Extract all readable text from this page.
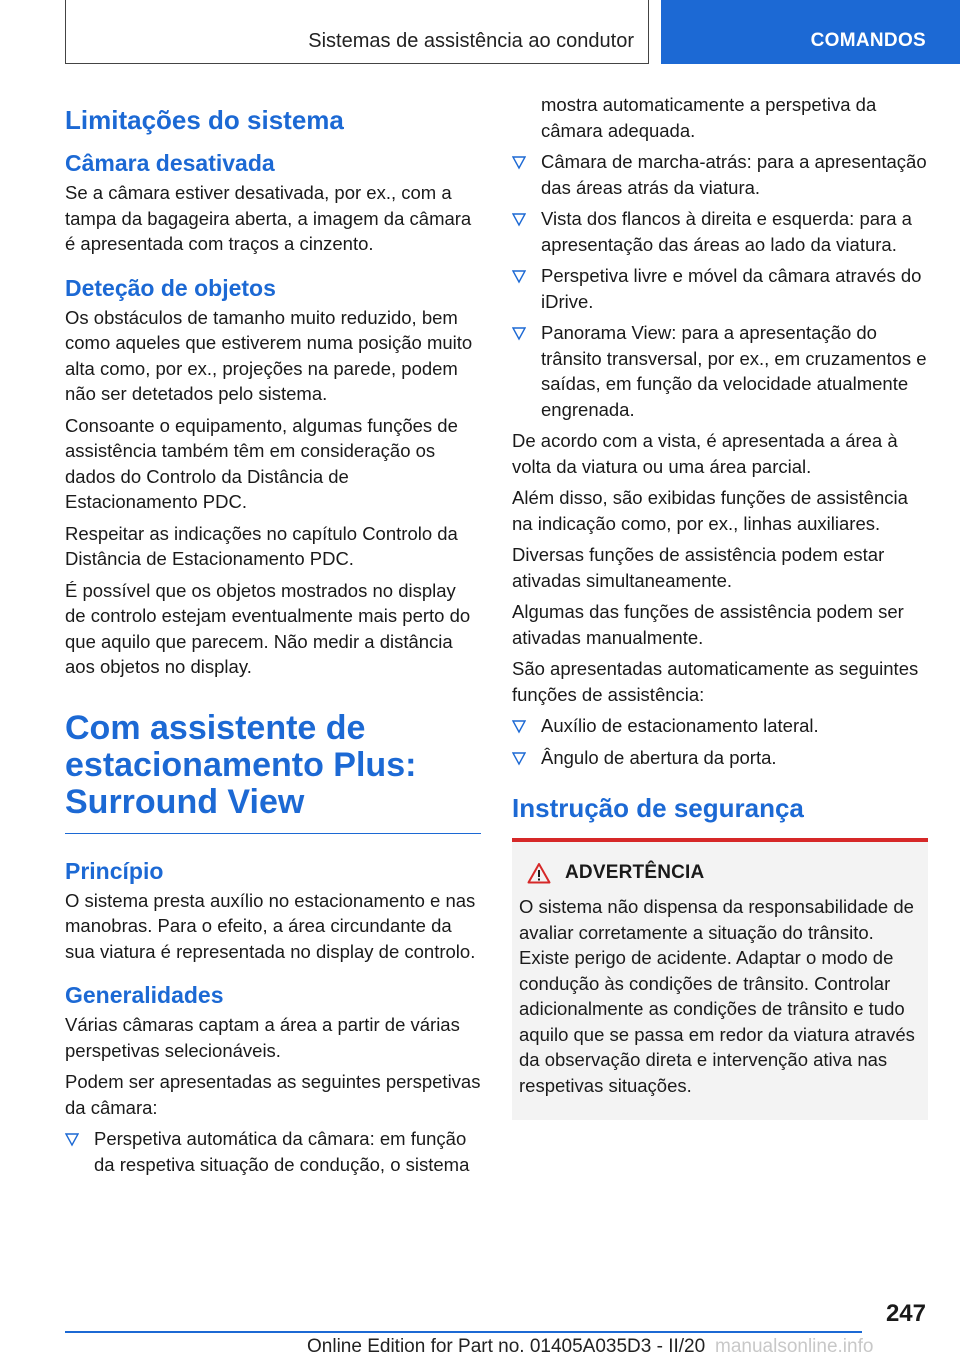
Sistemas de assistência ao condutor	COMANDOS
Limitações do sistema
Câmara desativada

Se a câmara estiver desativada, por ex., com a tampa da bagageira aberta, a imagem da câmara é apresentada com traços a cinzento.

Deteção de objetos

Os obstáculos de tamanho muito reduzido, bem como aqueles que estiverem numa posição muito alta como, por ex., projeções na parede, podem não ser detetados pelo sistema.

Consoante o equipamento, algumas funções de assistência também têm em consideração os dados do Controlo da Distância de Estacionamento PDC.

Respeitar as indicações no capítulo Controlo da Distância de Estacionamento PDC.

É possível que os objetos mostrados no display de controlo estejam eventualmente mais perto do que aquilo que parecem. Não medir a distância aos objetos no display.

Com assistente de estacionamento Plus: Surround View
Princípio

O sistema presta auxílio no estacionamento e nas manobras. Para o efeito, a área circundante da sua viatura é representada no display de controlo.

Generalidades

Várias câmaras captam a área a partir de várias perspetivas selecionáveis.

Podem ser apresentadas as seguintes perspetivas da câmara:

Perspetiva automática da câmara: em função da respetiva situação de condução, o sistema
mostra automaticamente a perspetiva da câmara adequada.
Câmara de marcha-atrás: para a apresentação das áreas atrás da viatura.
Vista dos flancos à direita e esquerda: para a apresentação das áreas ao lado da viatura.
Perspetiva livre e móvel da câmara através do iDrive.
Panorama View: para a apresentação do trânsito transversal, por ex., em cruzamentos e saídas, em função da velocidade atualmente engrenada.

De acordo com a vista, é apresentada a área à volta da viatura ou uma área parcial.

Além disso, são exibidas funções de assistência na indicação como, por ex., linhas auxiliares.

Diversas funções de assistência podem estar ativadas simultaneamente.

Algumas das funções de assistência podem ser ativadas manualmente.

São apresentadas automaticamente as seguintes funções de assistência:

Auxílio de estacionamento lateral.
Ângulo de abertura da porta.
Instrução de segurança
ADVERTÊNCIA

O sistema não dispensa da responsabilidade de avaliar corretamente a situação do trânsito. Existe perigo de acidente. Adaptar o modo de condução às condições de trânsito. Controlar adicionalmente as condições de trânsito e tudo aquilo que se passa em redor da viatura através da observação direta e intervenção ativa nas respetivas situações.

247
Online Edition for Part no. 01405A035D3 - II/20 manualsonline.info
